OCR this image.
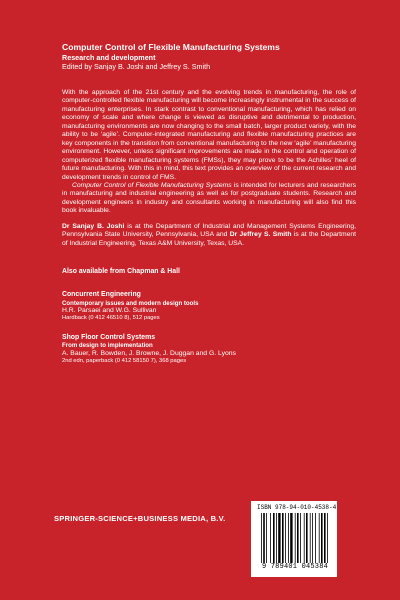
Computer Control of Flexible Manufacturing Systems
Research and development
Edited by Sanjay B. Joshi and Jeffrey S. Smith

With the approach of the 21st century and the evolving trends in manufacturing, the role of computer-controlled flexible manufacturing will become increasingly instrumental in the success of manufacturing enterprises. In stark contrast to conventional manufacturing, which has relied on economy of scale and where change is viewed as disruptive and detrimental to production, manufacturing environments are now changing to the small batch, larger product variety, with the ability to be ‘agile’. Computer-integrated manufacturing and flexible manufacturing practices are key components in the transition from conventional manufacturing to the new ‘agile’ manufacturing environment. However, unless significant improvements are made in the control and operation of computerized flexible manufacturing systems (FMSs), they may prove to be the Achilles’ heel of future manufacturing. With this in mind, this text provides an overview of the current research and development trends in control of FMS.

Computer Control of Flexible Manufacturing Systems is intended for lecturers and researchers in manufacturing and industrial engineering as well as for postgraduate students. Research and development engineers in industry and consultants working in manufacturing will also find this book invaluable.

Dr Sanjay B. Joshi is at the Department of Industrial and Management Systems Engineering, Pennsylvania State University, Pennsylvania, USA and Dr Jeffrey S. Smith is at the Department of Industrial Engineering, Texas A&M University, Texas, USA.

Also available from Chapman & Hall
Concurrent Engineering
Contemporary issues and modern design tools
H.R. Parsaei and W.G. Sullivan
Hardback (0 412 46510 8), 512 pages
Shop Floor Control Systems
From design to implementation
A. Bauer, R. Bowden, J. Browne, J. Duggan and G. Lyons
2nd edn, paperback (0 412 58150 7), 368 pages
SPRINGER-SCIENCE+BUSINESS MEDIA, B.V.
ISBN 978-94-010-4538-4
9 789401 045384
